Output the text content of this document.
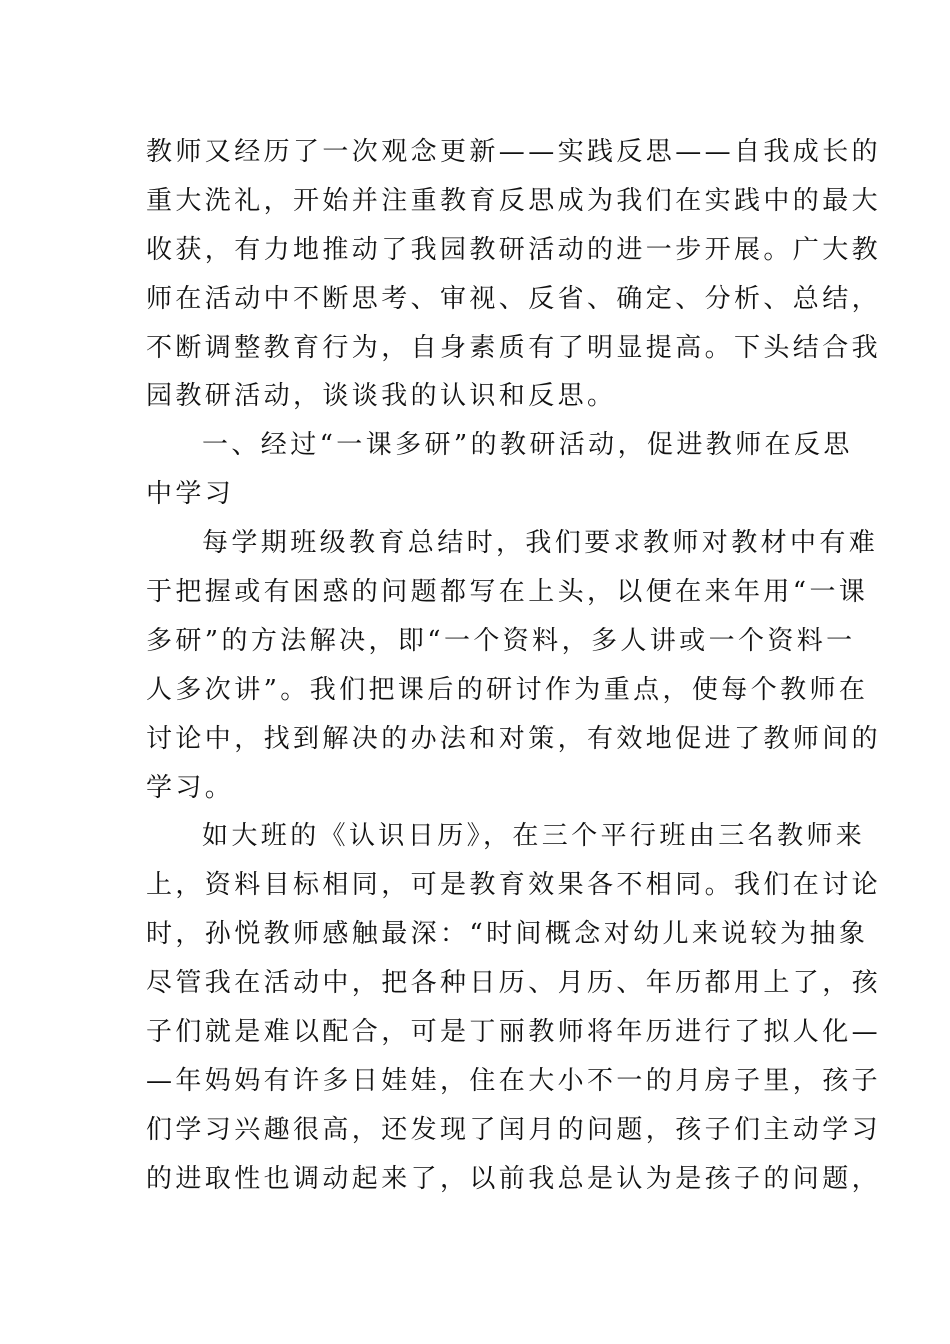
教师又经历了一次观念更新——实践反思——自我成长的
重大洗礼，开始并注重教育反思成为我们在实践中的最大
收获，有力地推动了我园教研活动的进一步开展。广大教
师在活动中不断思考、审视、反省、确定、分析、总结，
不断调整教育行为，自身素质有了明显提高。下头结合我
园教研活动，谈谈我的认识和反思。
一、经过“一课多研”的教研活动，促进教师在反思
中学习
每学期班级教育总结时，我们要求教师对教材中有难
于把握或有困惑的问题都写在上头，以便在来年用“一课
多研”的方法解决，即“一个资料，多人讲或一个资料一
人多次讲”。我们把课后的研讨作为重点，使每个教师在
讨论中，找到解决的办法和对策，有效地促进了教师间的
学习。
如大班的《认识日历》，在三个平行班由三名教师来
上，资料目标相同，可是教育效果各不相同。我们在讨论
时，孙悦教师感触最深：“时间概念对幼儿来说较为抽象
尽管我在活动中，把各种日历、月历、年历都用上了，孩
子们就是难以配合，可是丁丽教师将年历进行了拟人化—
—年妈妈有许多日娃娃，住在大小不一的月房子里，孩子
们学习兴趣很高，还发现了闰月的问题，孩子们主动学习
的进取性也调动起来了，以前我总是认为是孩子的问题，
